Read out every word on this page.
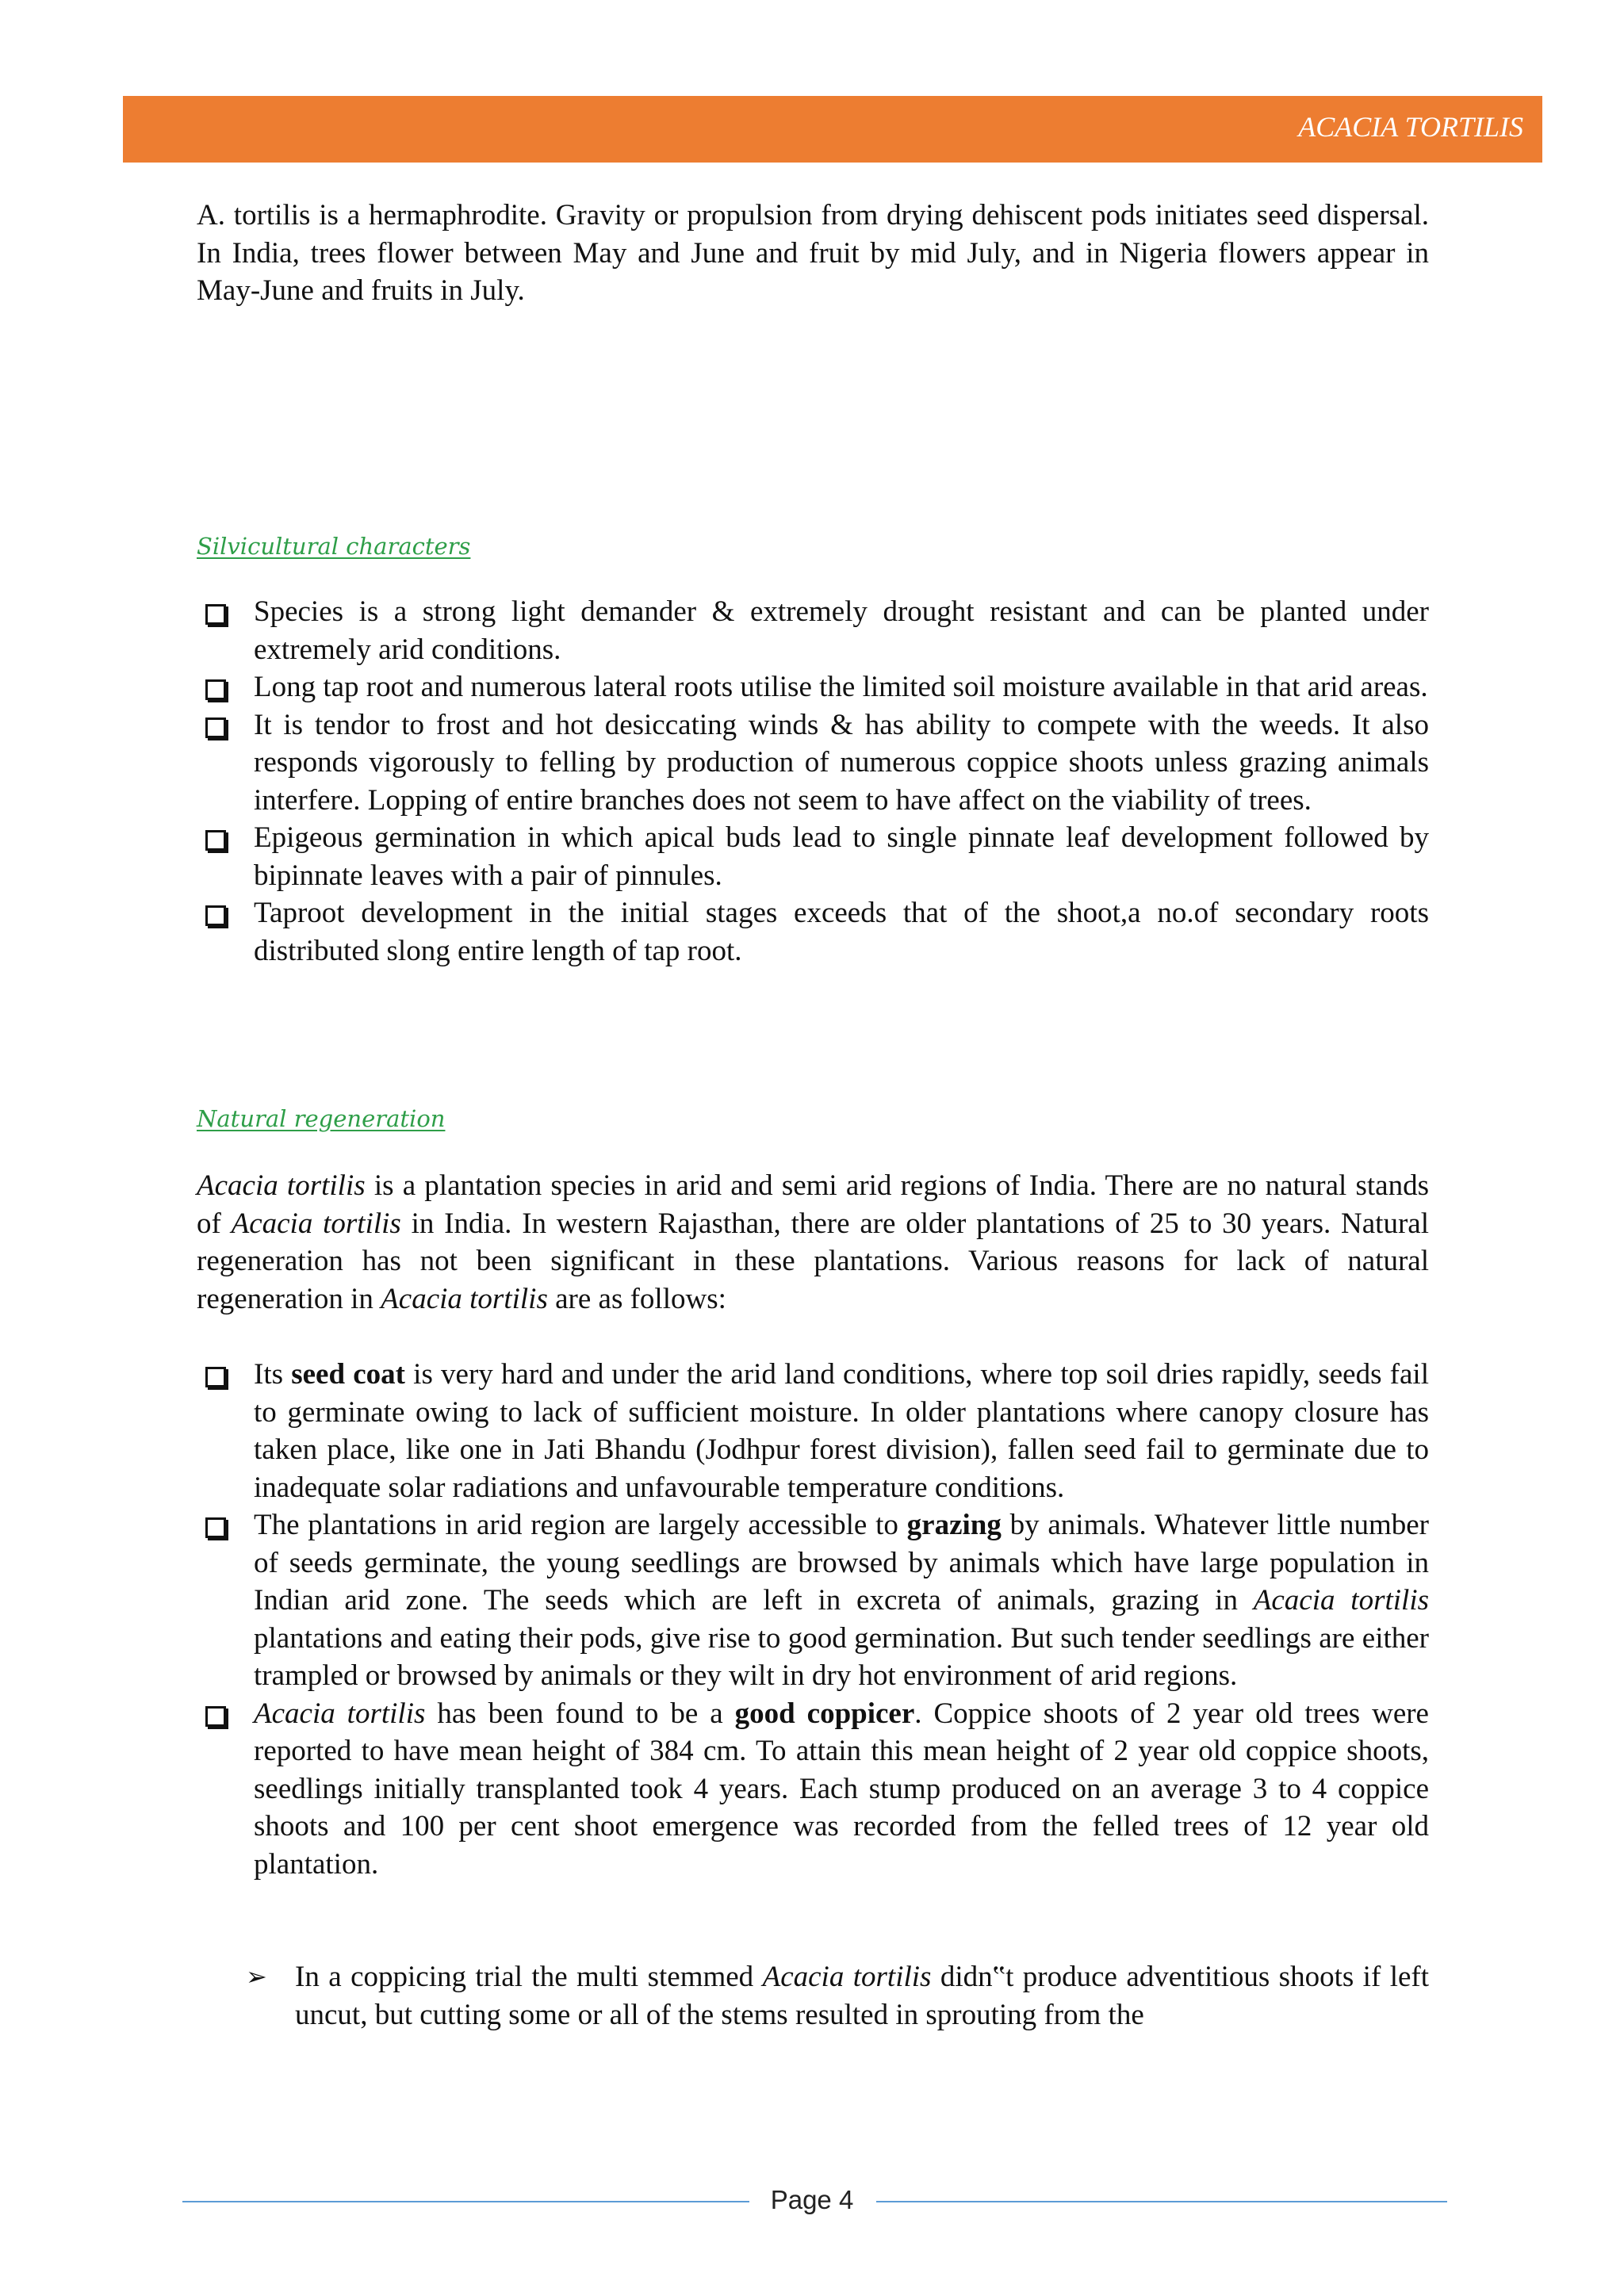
ACACIA TORTILIS

A. tortilis is a hermaphrodite. Gravity or propulsion from drying dehiscent pods initiates seed dispersal. In India, trees flower between May and June and fruit by mid July, and in Nigeria flowers appear in May-June and fruits in July.

Silvicultural characters
Species is a strong light demander & extremely drought resistant and can be planted under extremely arid conditions.
Long tap root and numerous lateral roots utilise the limited soil moisture available in that arid areas.
It is tendor to frost and hot desiccating winds & has ability to compete with the weeds. It also responds vigorously to felling by production of numerous coppice shoots unless grazing animals interfere. Lopping of entire branches does not seem to have affect on the viability of trees.
Epigeous germination in which apical buds lead to single pinnate leaf development followed by bipinnate leaves with a pair of pinnules.
Taproot development in the initial stages exceeds that of the shoot,a no.of secondary roots distributed slong entire length of tap root.
Natural regeneration

Acacia tortilis is a plantation species in arid and semi arid regions of India. There are no natural stands of Acacia tortilis in India. In western Rajasthan, there are older plantations of 25 to 30 years. Natural regeneration has not been significant in these plantations. Various reasons for lack of natural regeneration in Acacia tortilis are as follows:

Its seed coat is very hard and under the arid land conditions, where top soil dries rapidly, seeds fail to germinate owing to lack of sufficient moisture. In older plantations where canopy closure has taken place, like one in Jati Bhandu (Jodhpur forest division), fallen seed fail to germinate due to inadequate solar radiations and unfavourable temperature conditions.
The plantations in arid region are largely accessible to grazing by animals. Whatever little number of seeds germinate, the young seedlings are browsed by animals which have large population in Indian arid zone. The seeds which are left in excreta of animals, grazing in Acacia tortilis plantations and eating their pods, give rise to good germination. But such tender seedlings are either trampled or browsed by animals or they wilt in dry hot environment of arid regions.
Acacia tortilis has been found to be a good coppicer. Coppice shoots of 2 year old trees were reported to have mean height of 384 cm. To attain this mean height of 2 year old coppice shoots, seedlings initially transplanted took 4 years. Each stump produced on an average 3 to 4 coppice shoots and 100 per cent shoot emergence was recorded from the felled trees of 12 year old plantation.
➢ In a coppicing trial the multi stemmed Acacia tortilis didn‟t produce adventitious shoots if left uncut, but cutting some or all of the stems resulted in sprouting from the
Page 4
